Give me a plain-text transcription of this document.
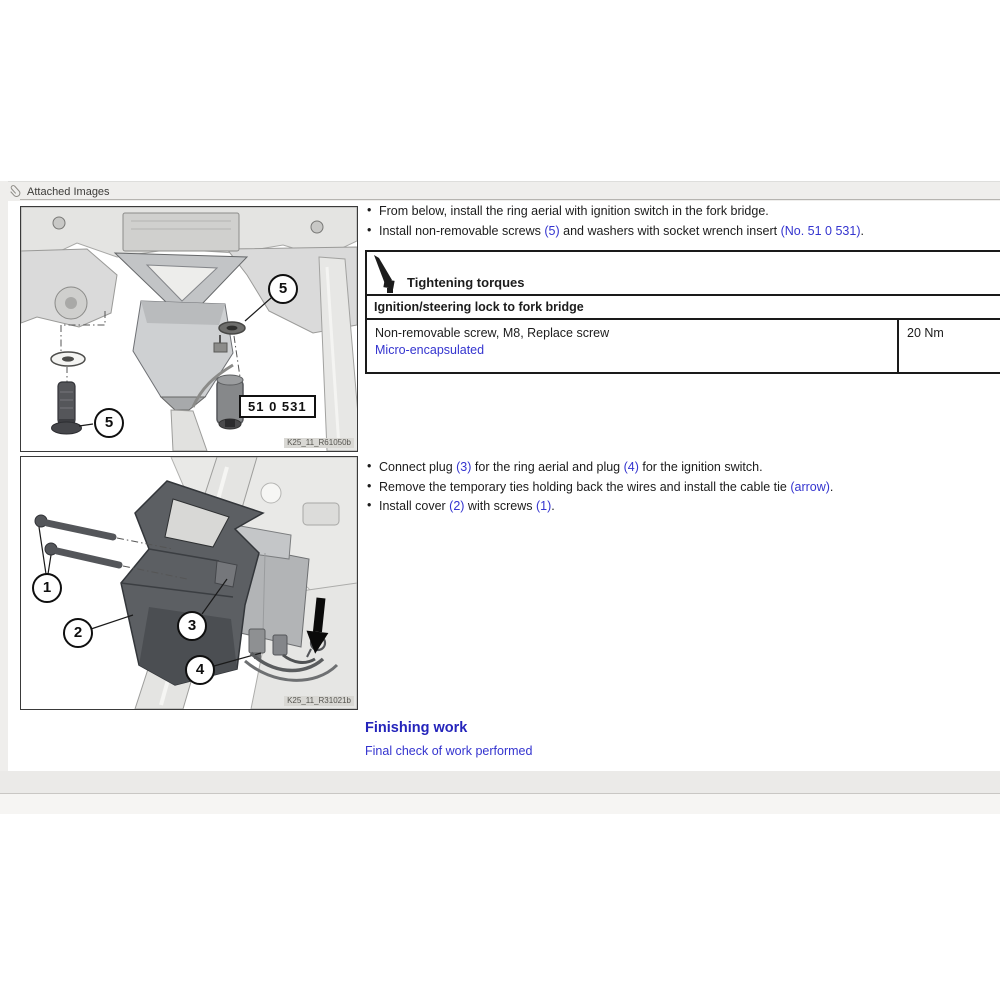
Attached Images
5
5
51 0 531
K25_11_R61050b
1
2	3
4
K25_11_R31021b
• From below, install the ring aerial with ignition switch in the fork bridge.
• Install non-removable screws (5) and washers with socket wrench insert (No. 51 0 531).
Tightening torques
Ignition/steering lock to fork bridge
Non-removable screw, M8, Replace screw
Micro-encapsulated
20 Nm
• Connect plug (3) for the ring aerial and plug (4) for the ignition switch.
• Remove the temporary ties holding back the wires and install the cable tie (arrow).
• Install cover (2) with screws (1).
Finishing work
Final check of work performed
